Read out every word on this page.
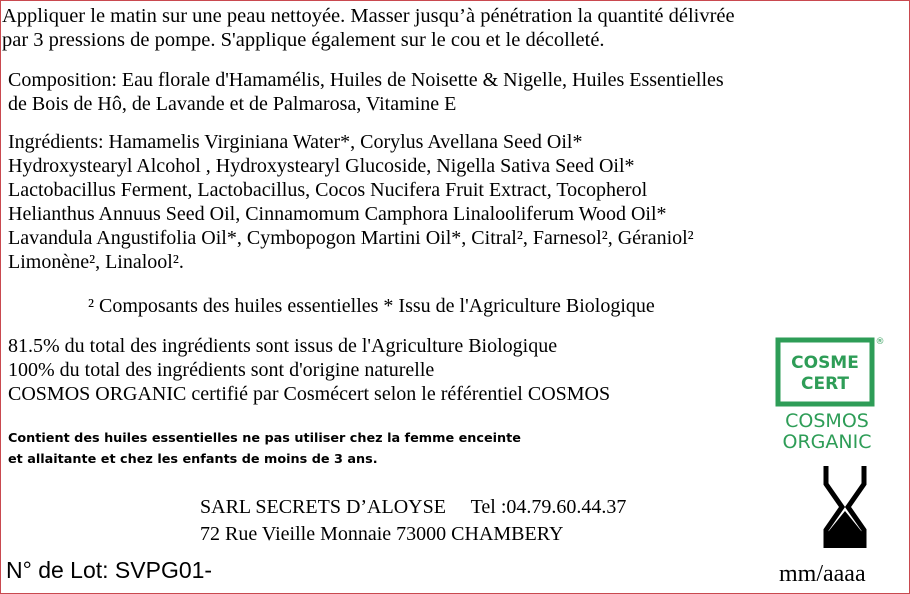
Appliquer le matin sur une peau nettoyée. Masser jusqu’à pénétration la quantité délivrée
par 3 pressions de pompe. S'applique également sur le cou et le décolleté.
Composition: Eau florale d'Hamamélis, Huiles de Noisette & Nigelle, Huiles Essentielles
de Bois de Hô, de Lavande et de Palmarosa, Vitamine E
Ingrédients: Hamamelis Virginiana Water*, Corylus Avellana Seed Oil*
Hydroxystearyl Alcohol , Hydroxystearyl Glucoside, Nigella Sativa Seed Oil*
Lactobacillus Ferment, Lactobacillus, Cocos Nucifera Fruit Extract, Tocopherol
Helianthus Annuus Seed Oil, Cinnamomum Camphora Linalooliferum Wood Oil*
Lavandula Angustifolia Oil*, Cymbopogon Martini Oil*, Citral², Farnesol², Géraniol²
Limonène², Linalool².
² Composants des huiles essentielles * Issu de l'Agriculture Biologique
81.5% du total des ingrédients sont issus de l'Agriculture Biologique
100% du total des ingrédients sont d'origine naturelle
COSMOS ORGANIC certifié par Cosmécert selon le référentiel COSMOS
Contient des huiles essentielles ne pas utiliser chez la femme enceinte
et allaitante et chez les enfants de moins de 3 ans.
SARL SECRETS D’ALOYSE     Tel :04.79.60.44.37
72 Rue Vieille Monnaie 73000 CHAMBERY
N° de Lot: SVPG01-	mm/aaaa
COSME
CERT
®
COSMOS
ORGANIC
